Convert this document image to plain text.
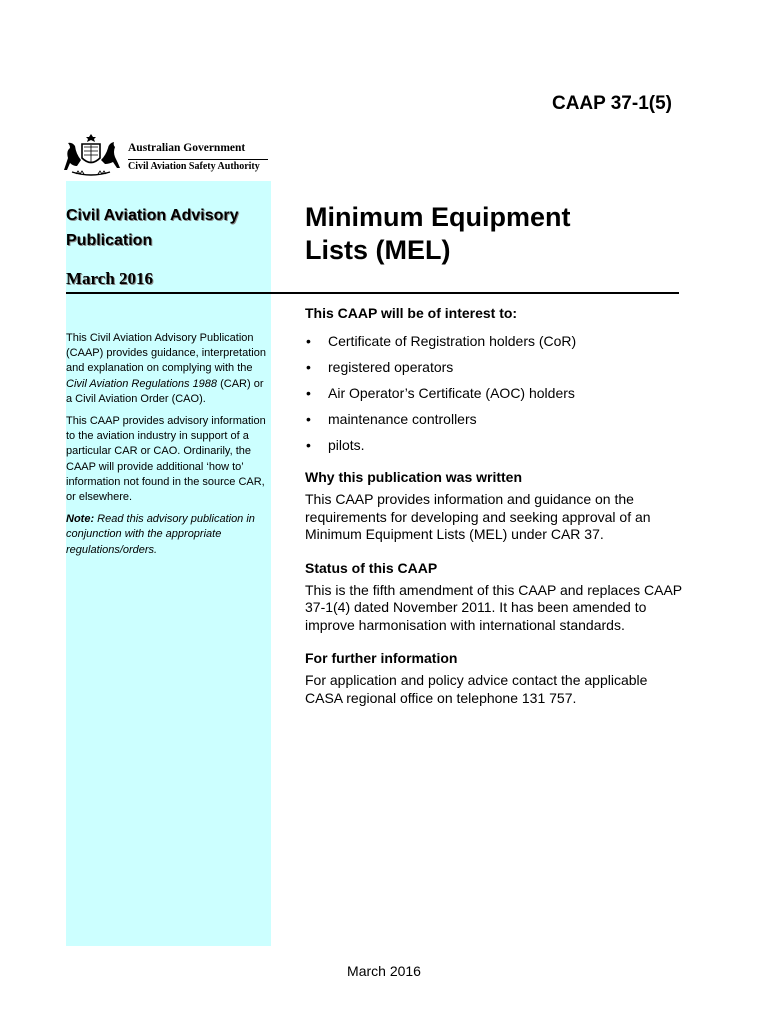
CAAP 37-1(5)
Australian Government
Civil Aviation Safety Authority
Civil Aviation Advisory
Publication
March 2016

This Civil Aviation Advisory Publication (CAAP) provides guidance, interpretation and explanation on complying with the Civil Aviation Regulations 1988 (CAR) or a Civil Aviation Order (CAO).

This CAAP provides advisory information to the aviation industry in support of a particular CAR or CAO. Ordinarily, the CAAP will provide additional ‘how to’ information not found in the source CAR, or elsewhere.

Note: Read this advisory publication in conjunction with the appropriate regulations/orders.

Minimum Equipment
Lists (MEL)
This CAAP will be of interest to:
• Certificate of Registration holders (CoR)
• registered operators
• Air Operator’s Certificate (AOC) holders
• maintenance controllers
• pilots.
Why this publication was written

This CAAP provides information and guidance on the requirements for developing and seeking approval of an Minimum Equipment Lists (MEL) under CAR 37.

Status of this CAAP

This is the fifth amendment of this CAAP and replaces CAAP 37-1(4) dated November 2011. It has been amended to improve harmonisation with international standards.

For further information

For application and policy advice contact the applicable CASA regional office on telephone 131 757.

March 2016
